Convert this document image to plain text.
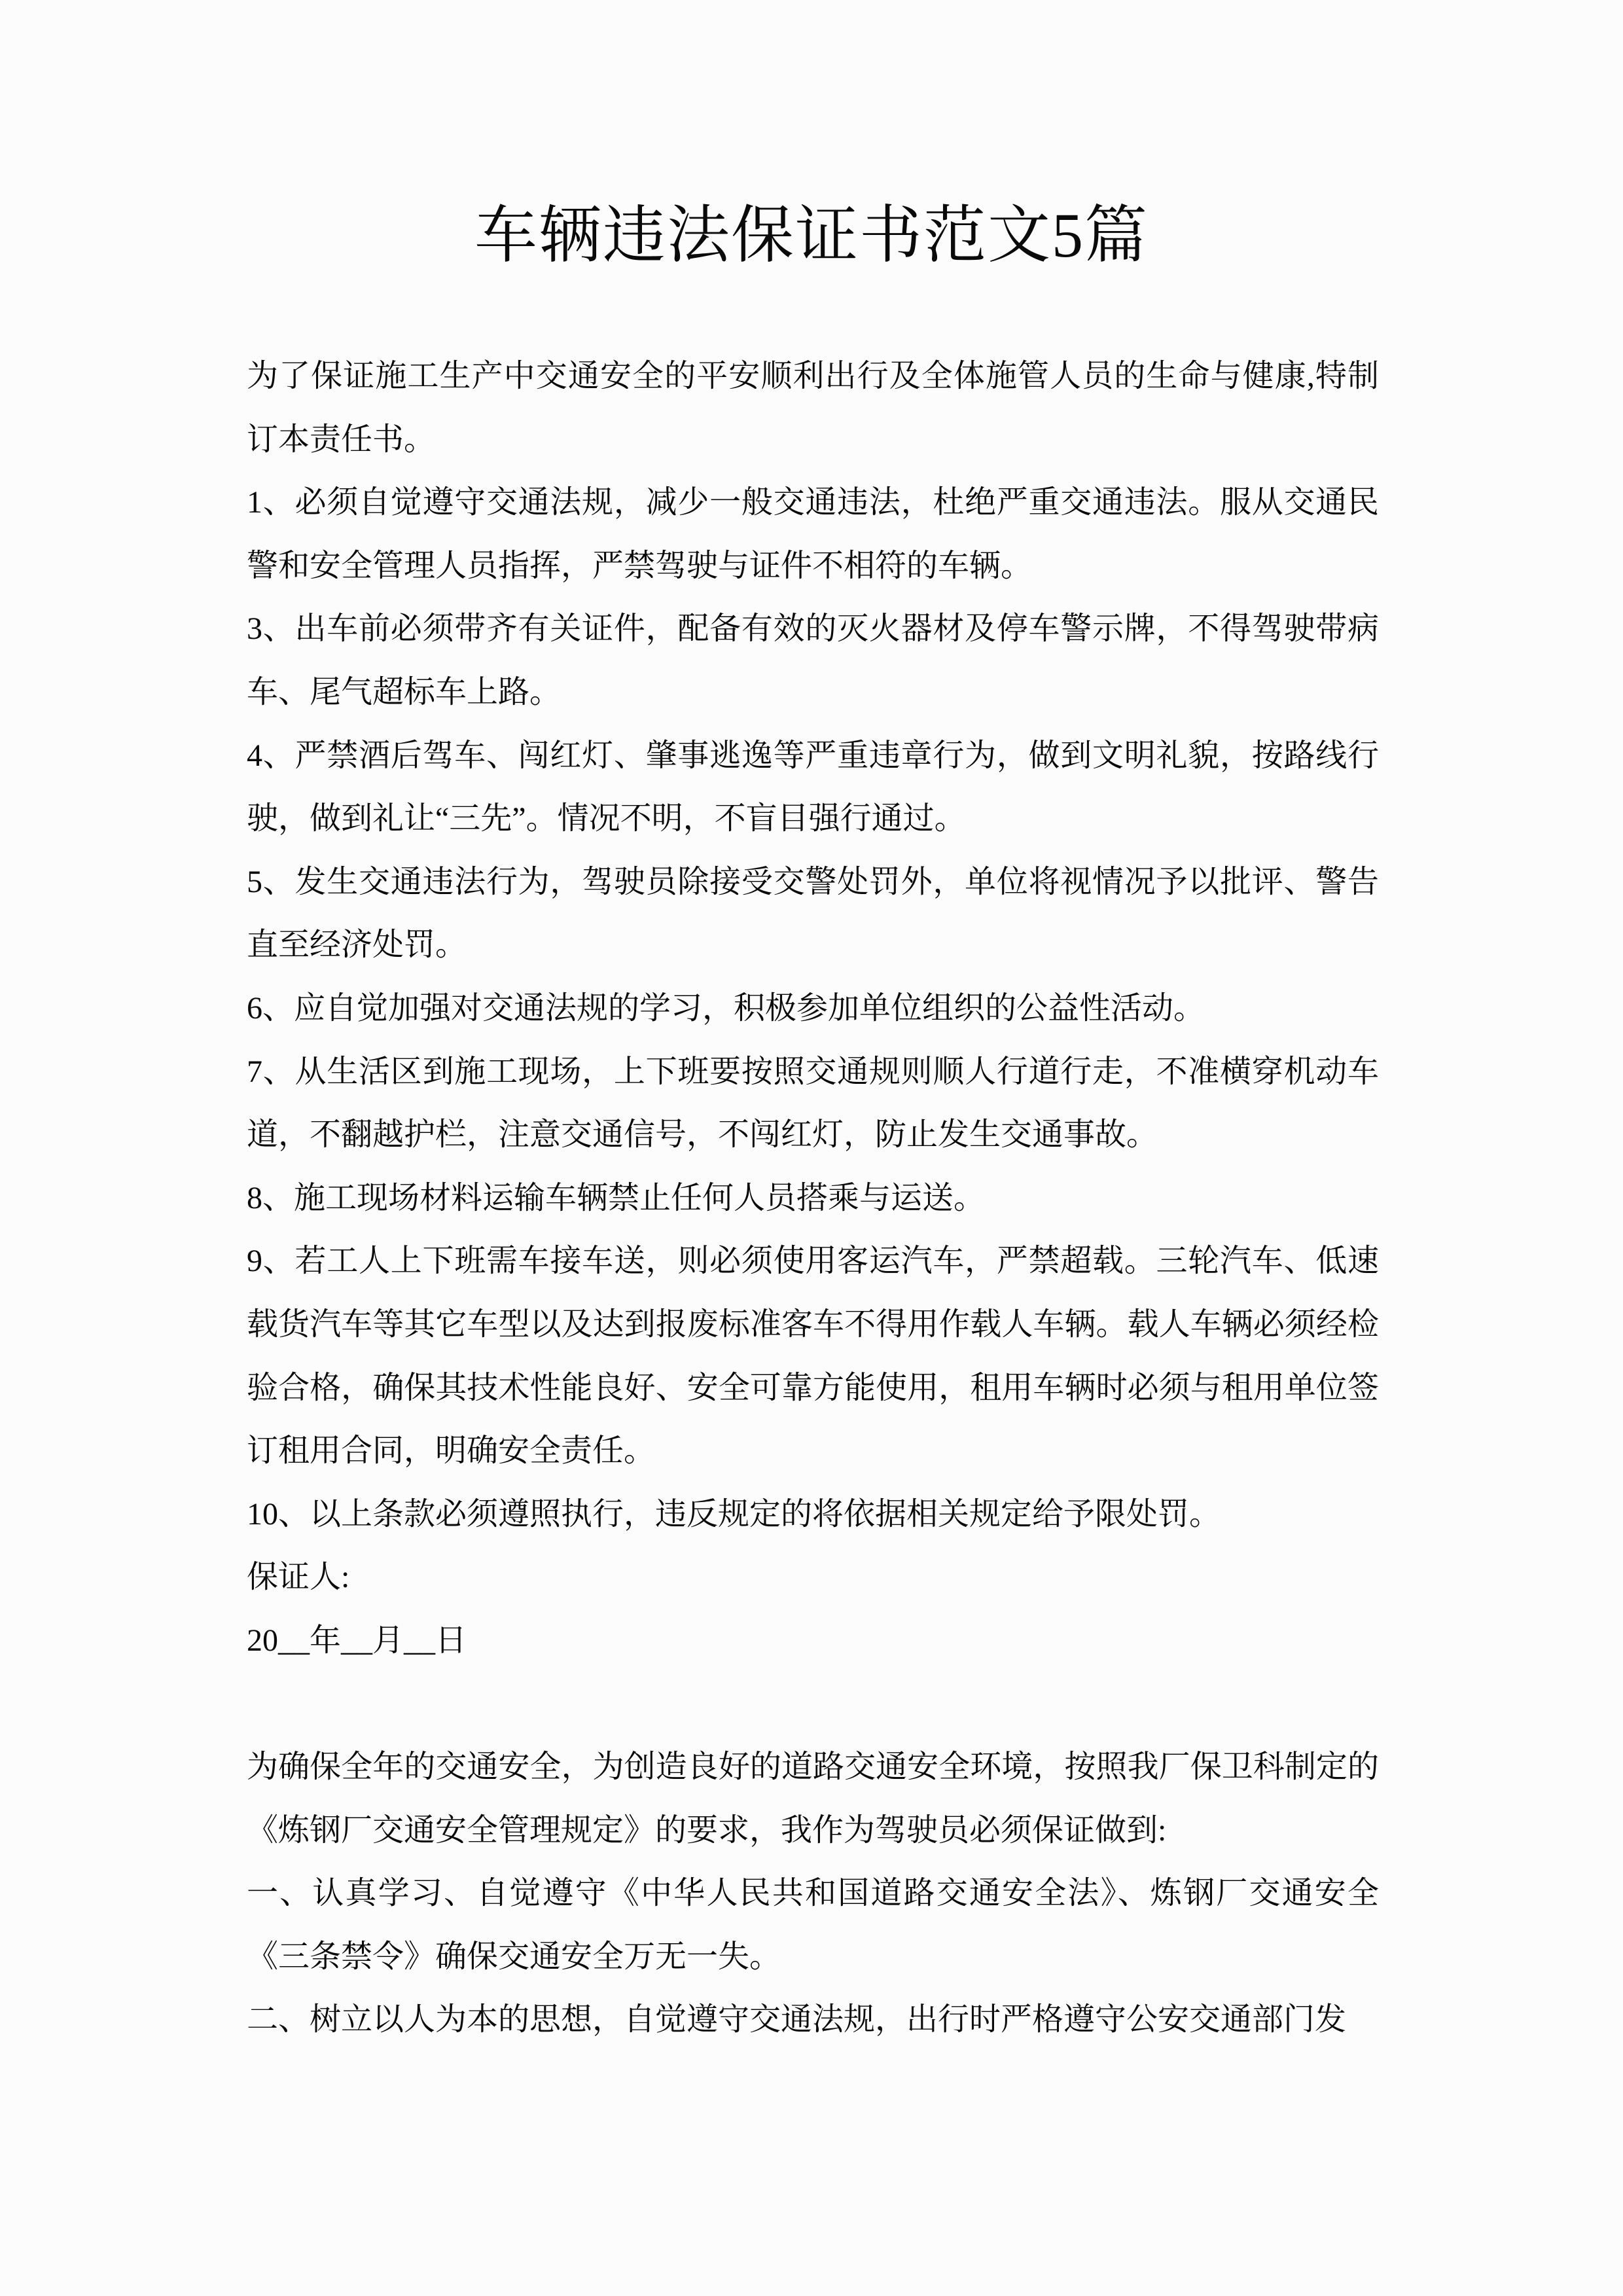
车辆违法保证书范文5篇

为了保证施工生产中交通安全的平安顺利出行及全体施管人员的生命与健康,特制订本责任书。

1、必须自觉遵守交通法规，减少一般交通违法，杜绝严重交通违法。服从交通民警和安全管理人员指挥，严禁驾驶与证件不相符的车辆。

3、出车前必须带齐有关证件，配备有效的灭火器材及停车警示牌，不得驾驶带病车、尾气超标车上路。

4、严禁酒后驾车、闯红灯、肇事逃逸等严重违章行为，做到文明礼貌，按路线行驶，做到礼让“三先”。情况不明，不盲目强行通过。

5、发生交通违法行为，驾驶员除接受交警处罚外，单位将视情况予以批评、警告直至经济处罚。

6、应自觉加强对交通法规的学习，积极参加单位组织的公益性活动。

7、从生活区到施工现场，上下班要按照交通规则顺人行道行走，不准横穿机动车道，不翻越护栏，注意交通信号，不闯红灯，防止发生交通事故。

8、施工现场材料运输车辆禁止任何人员搭乘与运送。

9、若工人上下班需车接车送，则必须使用客运汽车，严禁超载。三轮汽车、低速载货汽车等其它车型以及达到报废标准客车不得用作载人车辆。载人车辆必须经检验合格，确保其技术性能良好、安全可靠方能使用，租用车辆时必须与租用单位签订租用合同，明确安全责任。

10、以上条款必须遵照执行，违反规定的将依据相关规定给予限处罚。

保证人:

20__年__月__日

为确保全年的交通安全，为创造良好的道路交通安全环境，按照我厂保卫科制定的《炼钢厂交通安全管理规定》的要求，我作为驾驶员必须保证做到:

一、认真学习、自觉遵守《中华人民共和国道路交通安全法》、炼钢厂交通安全《三条禁令》确保交通安全万无一失。

二、树立以人为本的思想，自觉遵守交通法规，出行时严格遵守公安交通部门发
